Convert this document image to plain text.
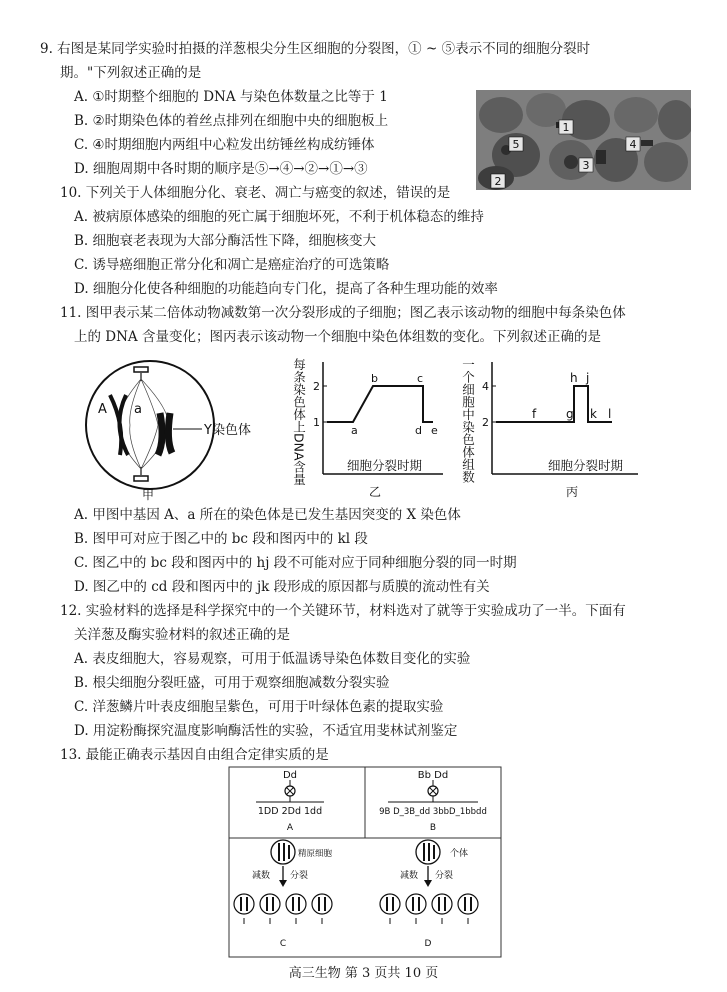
9. 右图是某同学实验时拍摄的洋葱根尖分生区细胞的分裂图，① ~ ⑤表示不同的细胞分裂时
期。"下列叙述正确的是
A. ①时期整个细胞的 DNA 与染色体数量之比等于 1
B. ②时期染色体的着丝点排列在细胞中央的细胞板上
C. ④时期细胞内两组中心粒发出纺锤丝构成纺锤体
D. 细胞周期中各时期的顺序是⑤→④→②→①→③
1
5	4
3
2
10. 下列关于人体细胞分化、衰老、凋亡与癌变的叙述，错误的是
A. 被病原体感染的细胞的死亡属于细胞坏死，不利于机体稳态的维持
B. 细胞衰老表现为大部分酶活性下降，细胞核变大
C. 诱导癌细胞正常分化和凋亡是癌症治疗的可选策略
D. 细胞分化使各种细胞的功能趋向专门化，提高了各种生理功能的效率
11. 图甲表示某二倍体动物减数第一次分裂形成的子细胞；图乙表示该动物的细胞中每条染色体
上的 DNA 含量变化；图丙表示该动物一个细胞中染色体组数的变化。下列叙述正确的是
A a
Y染色体
甲
每条染色体上DNA含量 2
1
a
b	c
d e
细胞分裂时期
乙
一个细胞中染色体组数 4
2
f g
h j
k l
细胞分裂时期
丙
A. 甲图中基因 A、a 所在的染色体是已发生基因突变的 X 染色体
B. 图甲可对应于图乙中的 bc 段和图丙中的 kl 段
C. 图乙中的 bc 段和图丙中的 hj 段不可能对应于同种细胞分裂的同一时期
D. 图乙中的 cd 段和图丙中的 jk 段形成的原因都与质膜的流动性有关
12. 实验材料的选择是科学探究中的一个关键环节，材料选对了就等于实验成功了一半。下面有
关洋葱及酶实验材料的叙述正确的是
A. 表皮细胞大，容易观察，可用于低温诱导染色体数目变化的实验
B. 根尖细胞分裂旺盛，可用于观察细胞减数分裂实验
C. 洋葱鳞片叶表皮细胞呈紫色，可用于叶绿体色素的提取实验
D. 用淀粉酶探究温度影响酶活性的实验，不适宜用斐林试剂鉴定
13. 最能正确表示基因自由组合定律实质的是
Dd
1DD 2Dd 1dd
A
Bb Dd
9B D_3B_dd 3bbD_1bbdd
B
精原细胞
减数 分裂
C
个体
减数 分裂
D
高三生物 第 3 页共 10 页
